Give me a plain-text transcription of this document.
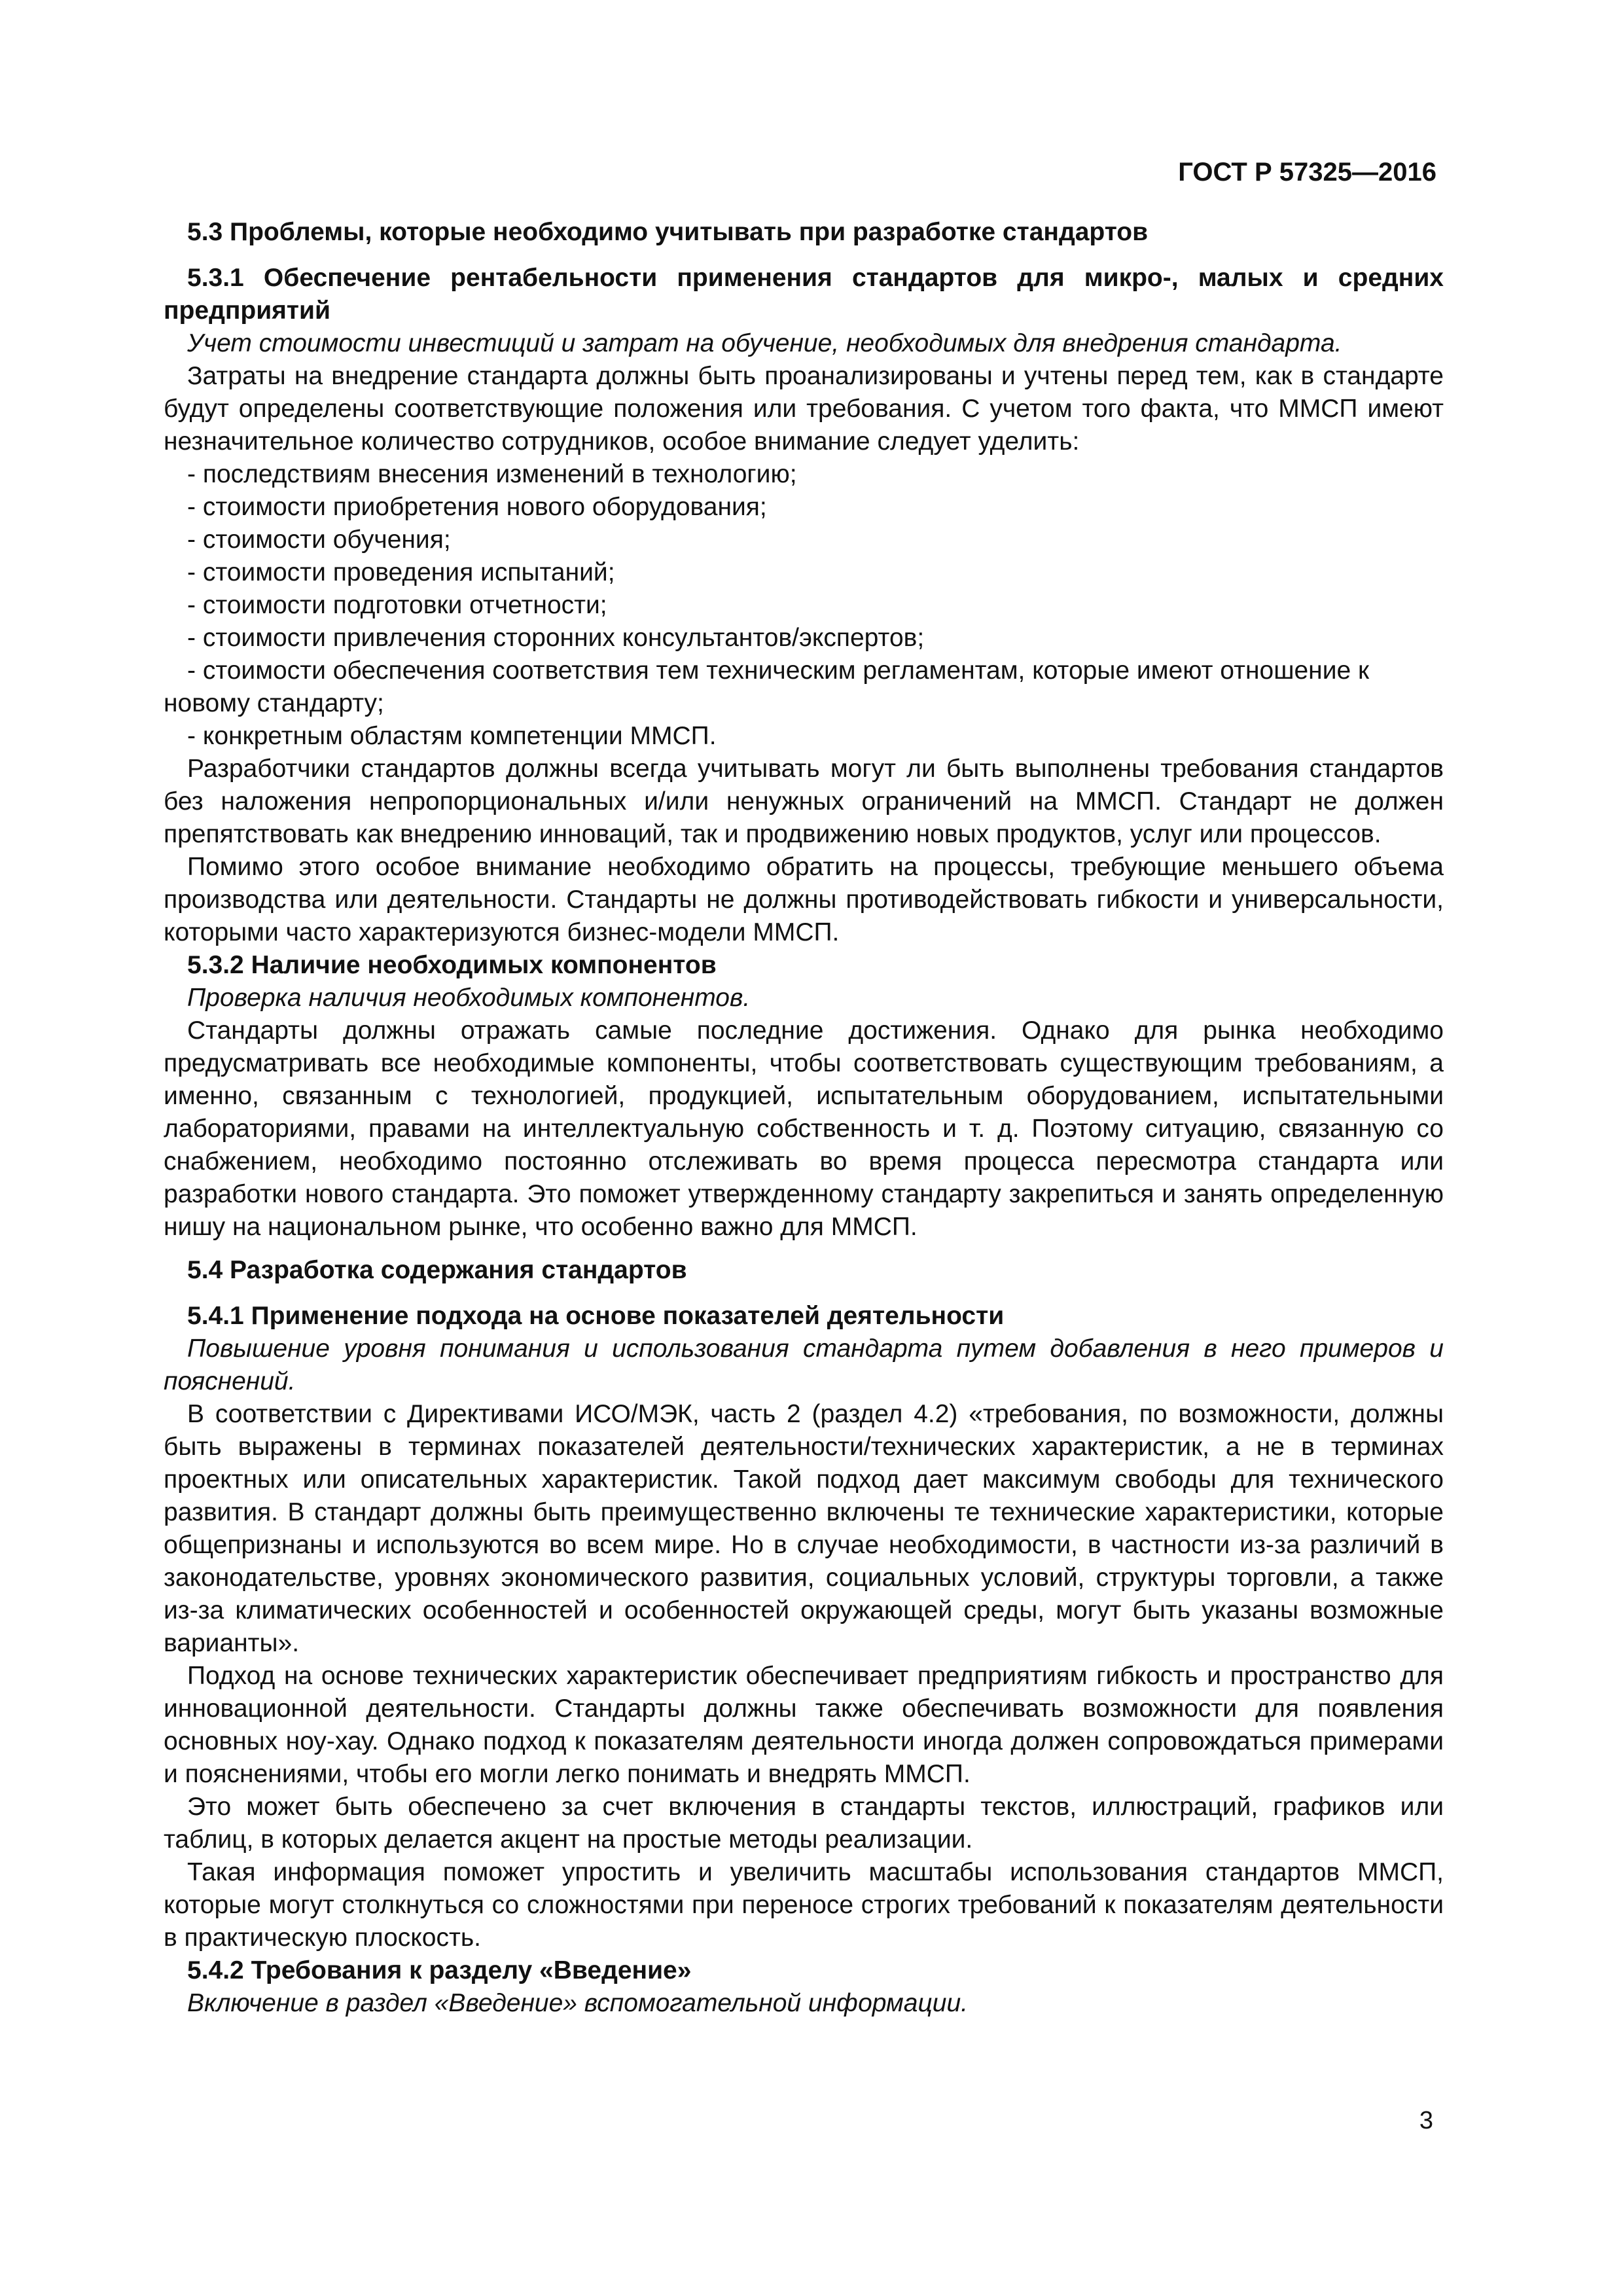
ГОСТ Р 57325—2016

5.3 Проблемы, которые необходимо учитывать при разработке стандартов

5.3.1 Обеспечение рентабельности применения стандартов для микро-, малых и средних предприятий

Учет стоимости инвестиций и затрат на обучение, необходимых для внедрения стандарта.

Затраты на внедрение стандарта должны быть проанализированы и учтены перед тем, как в стандарте будут определены соответствующие положения или требования. С учетом того факта, что ММСП имеют незначительное количество сотрудников, особое внимание следует уделить:

- последствиям внесения изменений в технологию;

- стоимости приобретения нового оборудования;

- стоимости обучения;

- стоимости проведения испытаний;

- стоимости подготовки отчетности;

- стоимости привлечения сторонних консультантов/экспертов;

- стоимости обеспечения соответствия тем техническим регламентам, которые имеют отношение к новому стандарту;

- конкретным областям компетенции ММСП.

Разработчики стандартов должны всегда учитывать могут ли быть выполнены требования стандартов без наложения непропорциональных и/или ненужных ограничений на ММСП. Стандарт не должен препятствовать как внедрению инноваций, так и продвижению новых продуктов, услуг или процессов.

Помимо этого особое внимание необходимо обратить на процессы, требующие меньшего объема производства или деятельности. Стандарты не должны противодействовать гибкости и универсальности, которыми часто характеризуются бизнес-модели ММСП.

5.3.2 Наличие необходимых компонентов

Проверка наличия необходимых компонентов.

Стандарты должны отражать самые последние достижения. Однако для рынка необходимо предусматривать все необходимые компоненты, чтобы соответствовать существующим требованиям, а именно, связанным с технологией, продукцией, испытательным оборудованием, испытательными лабораториями, правами на интеллектуальную собственность и т. д. Поэтому ситуацию, связанную со снабжением, необходимо постоянно отслеживать во время процесса пересмотра стандарта или разработки нового стандарта. Это поможет утвержденному стандарту закрепиться и занять определенную нишу на национальном рынке, что особенно важно для ММСП.

5.4 Разработка содержания стандартов

5.4.1 Применение подхода на основе показателей деятельности

Повышение уровня понимания и использования стандарта путем добавления в него примеров и пояснений.

В соответствии с Директивами ИСО/МЭК, часть 2 (раздел 4.2) «требования, по возможности, должны быть выражены в терминах показателей деятельности/технических характеристик, а не в терминах проектных или описательных характеристик. Такой подход дает максимум свободы для технического развития. В стандарт должны быть преимущественно включены те технические характеристики, которые общепризнаны и используются во всем мире. Но в случае необходимости, в частности из-за различий в законодательстве, уровнях экономического развития, социальных условий, структуры торговли, а также из-за климатических особенностей и особенностей окружающей среды, могут быть указаны возможные варианты».

Подход на основе технических характеристик обеспечивает предприятиям гибкость и пространство для инновационной деятельности. Стандарты должны также обеспечивать возможности для появления основных ноу-хау. Однако подход к показателям деятельности иногда должен сопровождаться примерами и пояснениями, чтобы его могли легко понимать и внедрять ММСП.

Это может быть обеспечено за счет включения в стандарты текстов, иллюстраций, графиков или таблиц, в которых делается акцент на простые методы реализации.

Такая информация поможет упростить и увеличить масштабы использования стандартов ММСП, которые могут столкнуться со сложностями при переносе строгих требований к показателям деятельности в практическую плоскость.

5.4.2 Требования к разделу «Введение»

Включение в раздел «Введение» вспомогательной информации.

3
